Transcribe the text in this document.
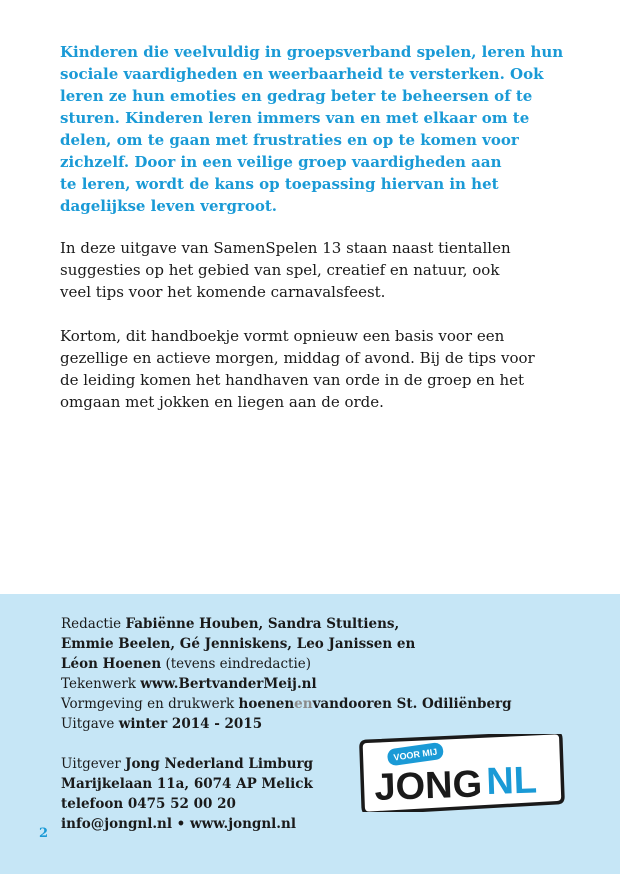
Kinderen die veelvuldig in groepsverband spelen, leren hun
sociale vaardigheden en weerbaarheid te versterken. Ook
leren ze hun emoties en gedrag beter te beheersen of te
sturen. Kinderen leren immers van en met elkaar om te
delen, om te gaan met frustraties en op te komen voor
zichzelf. Door in een veilige groep vaardigheden aan
te leren, wordt de kans op toepassing hiervan in het
dagelijkse leven vergroot.
In deze uitgave van SamenSpelen 13 staan naast tientallen
suggesties op het gebied van spel, creatief en natuur, ook
veel tips voor het komende carnavalsfeest.
Kortom, dit handboekje vormt opnieuw een basis voor een
gezellige en actieve morgen, middag of avond. Bij de tips voor
de leiding komen het handhaven van orde in de groep en het
omgaan met jokken en liegen aan de orde.
Redactie Fabiënne Houben, Sandra Stultiens,
Emmie Beelen, Gé Jenniskens, Leo Janissen en
Léon Hoenen (tevens eindredactie)
Tekenwerk www.BertvanderMeij.nl
Vormgeving en drukwerk hoenenenvandooren St. Odiliënberg
Uitgave winter 2014 - 2015
Uitgever Jong Nederland Limburg
Marijkelaan 11a, 6074 AP Melick
telefoon 0475 52 00 20
info@jongnl.nl • www.jongnl.nl
2
VOOR MIJ
JONG NL
